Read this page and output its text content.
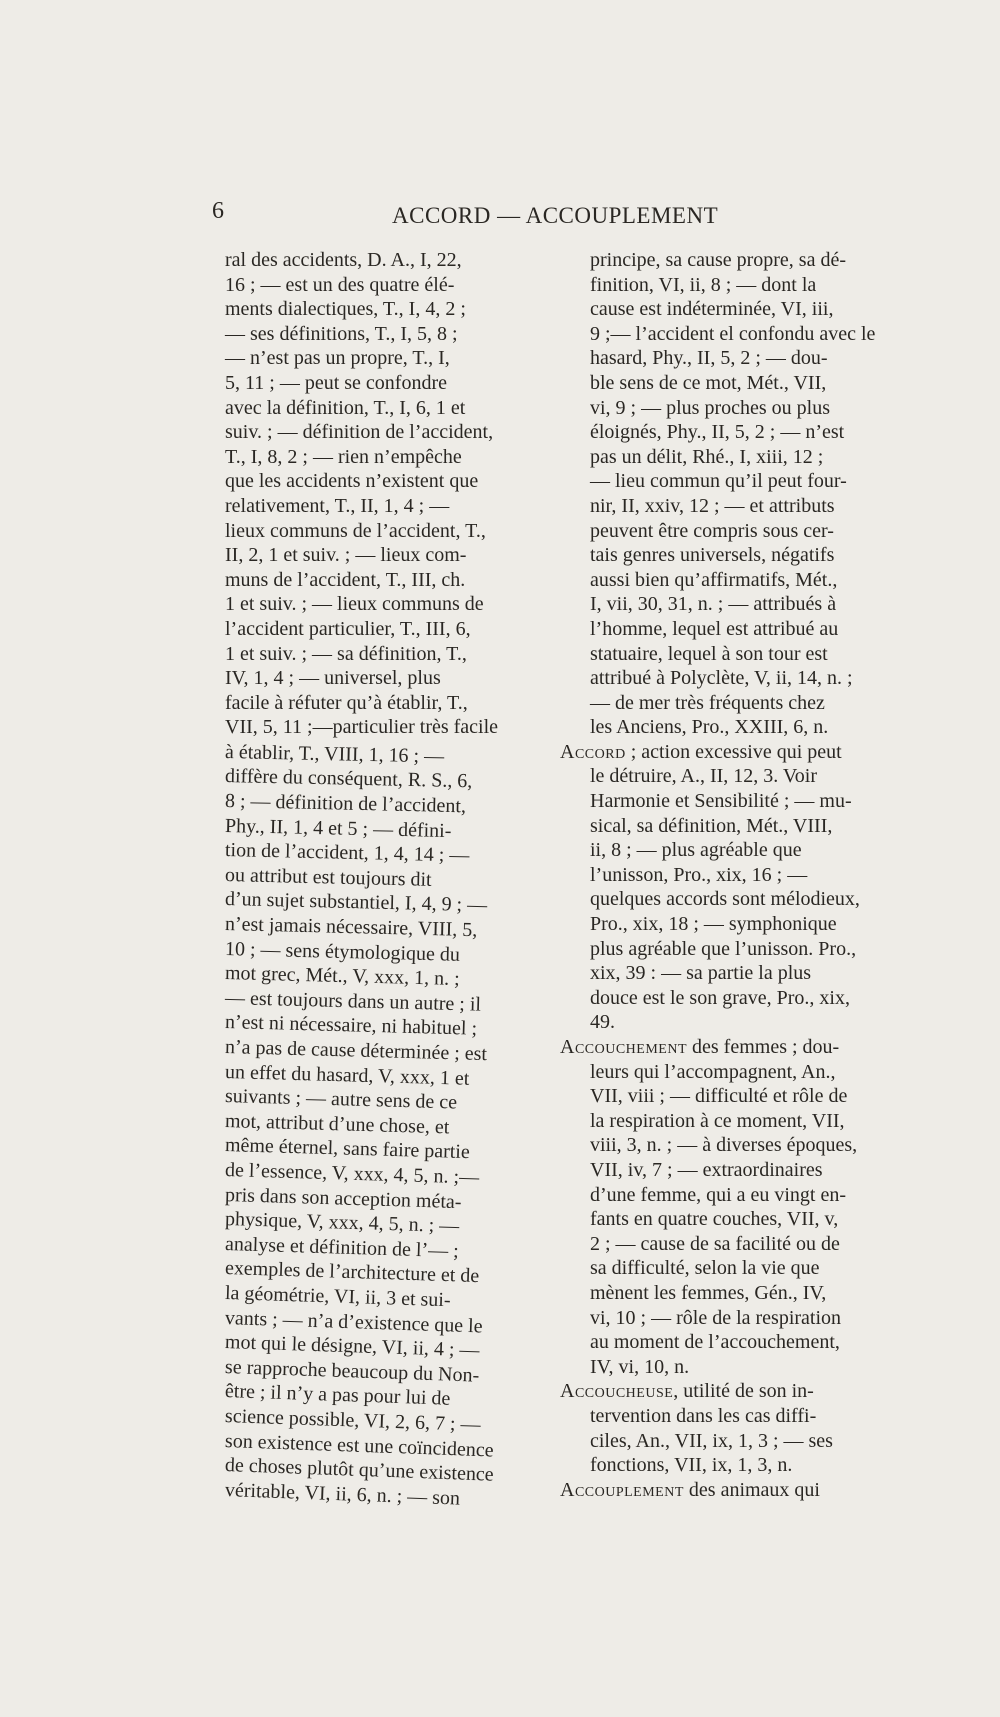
6	ACCORD — ACCOUPLEMENT
ral des accidents, D. A., I, 22,
16 ; — est un des quatre élé-
ments dialectiques, T., I, 4, 2 ;
— ses définitions, T., I, 5, 8 ;
— n’est pas un propre, T., I,
5, 11 ; — peut se confondre
avec la définition, T., I, 6, 1 et
suiv. ; — définition de l’accident,
T., I, 8, 2 ; — rien n’empêche
que les accidents n’existent que
relativement, T., II, 1, 4 ; —
lieux communs de l’accident, T.,
II, 2, 1 et suiv. ; — lieux com-
muns de l’accident, T., III, ch.
1 et suiv. ; — lieux communs de
l’accident particulier, T., III, 6,
1 et suiv. ; — sa définition, T.,
IV, 1, 4 ; — universel, plus
facile à réfuter qu’à établir, T.,
VII, 5, 11 ;—particulier très facile
à établir, T., VIII, 1, 16 ; —
diffère du conséquent, R. S., 6,
8 ; — définition de l’accident,
Phy., II, 1, 4 et 5 ; — défini-
tion de l’accident, 1, 4, 14 ; —
ou attribut est toujours dit
d’un sujet substantiel, I, 4, 9 ; —
n’est jamais nécessaire, VIII, 5,
10 ; — sens étymologique du
mot grec, Mét., V, xxx, 1, n. ;
— est toujours dans un autre ; il
n’est ni nécessaire, ni habituel ;
n’a pas de cause déterminée ; est
un effet du hasard, V, xxx, 1 et
suivants ; — autre sens de ce
mot, attribut d’une chose, et
même éternel, sans faire partie
de l’essence, V, xxx, 4, 5, n. ;—
pris dans son acception méta-
physique, V, xxx, 4, 5, n. ; —
analyse et définition de l’— ;
exemples de l’architecture et de
la géométrie, VI, ii, 3 et sui-
vants ; — n’a d’existence que le
mot qui le désigne, VI, ii, 4 ; —
se rapproche beaucoup du Non-
être ; il n’y a pas pour lui de
science possible, VI, 2, 6, 7 ; —
son existence est une coïncidence
de choses plutôt qu’une existence
véritable, VI, ii, 6, n. ; — son
principe, sa cause propre, sa dé-
finition, VI, ii, 8 ; — dont la
cause est indéterminée, VI, iii,
9 ;— l’accident el confondu avec le
hasard, Phy., II, 5, 2 ; — dou-
ble sens de ce mot, Mét., VII,
vi, 9 ; — plus proches ou plus
éloignés, Phy., II, 5, 2 ; — n’est
pas un délit, Rhé., I, xiii, 12 ;
— lieu commun qu’il peut four-
nir, II, xxiv, 12 ; — et attributs
peuvent être compris sous cer-
tais genres universels, négatifs
aussi bien qu’affirmatifs, Mét.,
I, vii, 30, 31, n. ; — attribués à
l’homme, lequel est attribué au
statuaire, lequel à son tour est
attribué à Polyclète, V, ii, 14, n. ;
— de mer très fréquents chez
les Anciens, Pro., XXIII, 6, n.
Accord ; action excessive qui peut
le détruire, A., II, 12, 3. Voir
Harmonie et Sensibilité ; — mu-
sical, sa définition, Mét., VIII,
ii, 8 ; — plus agréable que
l’unisson, Pro., xix, 16 ; —
quelques accords sont mélodieux,
Pro., xix, 18 ; — symphonique
plus agréable que l’unisson. Pro.,
xix, 39 : — sa partie la plus
douce est le son grave, Pro., xix,
49.
Accouchement des femmes ; dou-
leurs qui l’accompagnent, An.,
VII, viii ; — difficulté et rôle de
la respiration à ce moment, VII,
viii, 3, n. ; — à diverses époques,
VII, iv, 7 ; — extraordinaires
d’une femme, qui a eu vingt en-
fants en quatre couches, VII, v,
2 ; — cause de sa facilité ou de
sa difficulté, selon la vie que
mènent les femmes, Gén., IV,
vi, 10 ; — rôle de la respiration
au moment de l’accouchement,
IV, vi, 10, n.
Accoucheuse, utilité de son in-
tervention dans les cas diffi-
ciles, An., VII, ix, 1, 3 ; — ses
fonctions, VII, ix, 1, 3, n.
Accouplement des animaux qui
